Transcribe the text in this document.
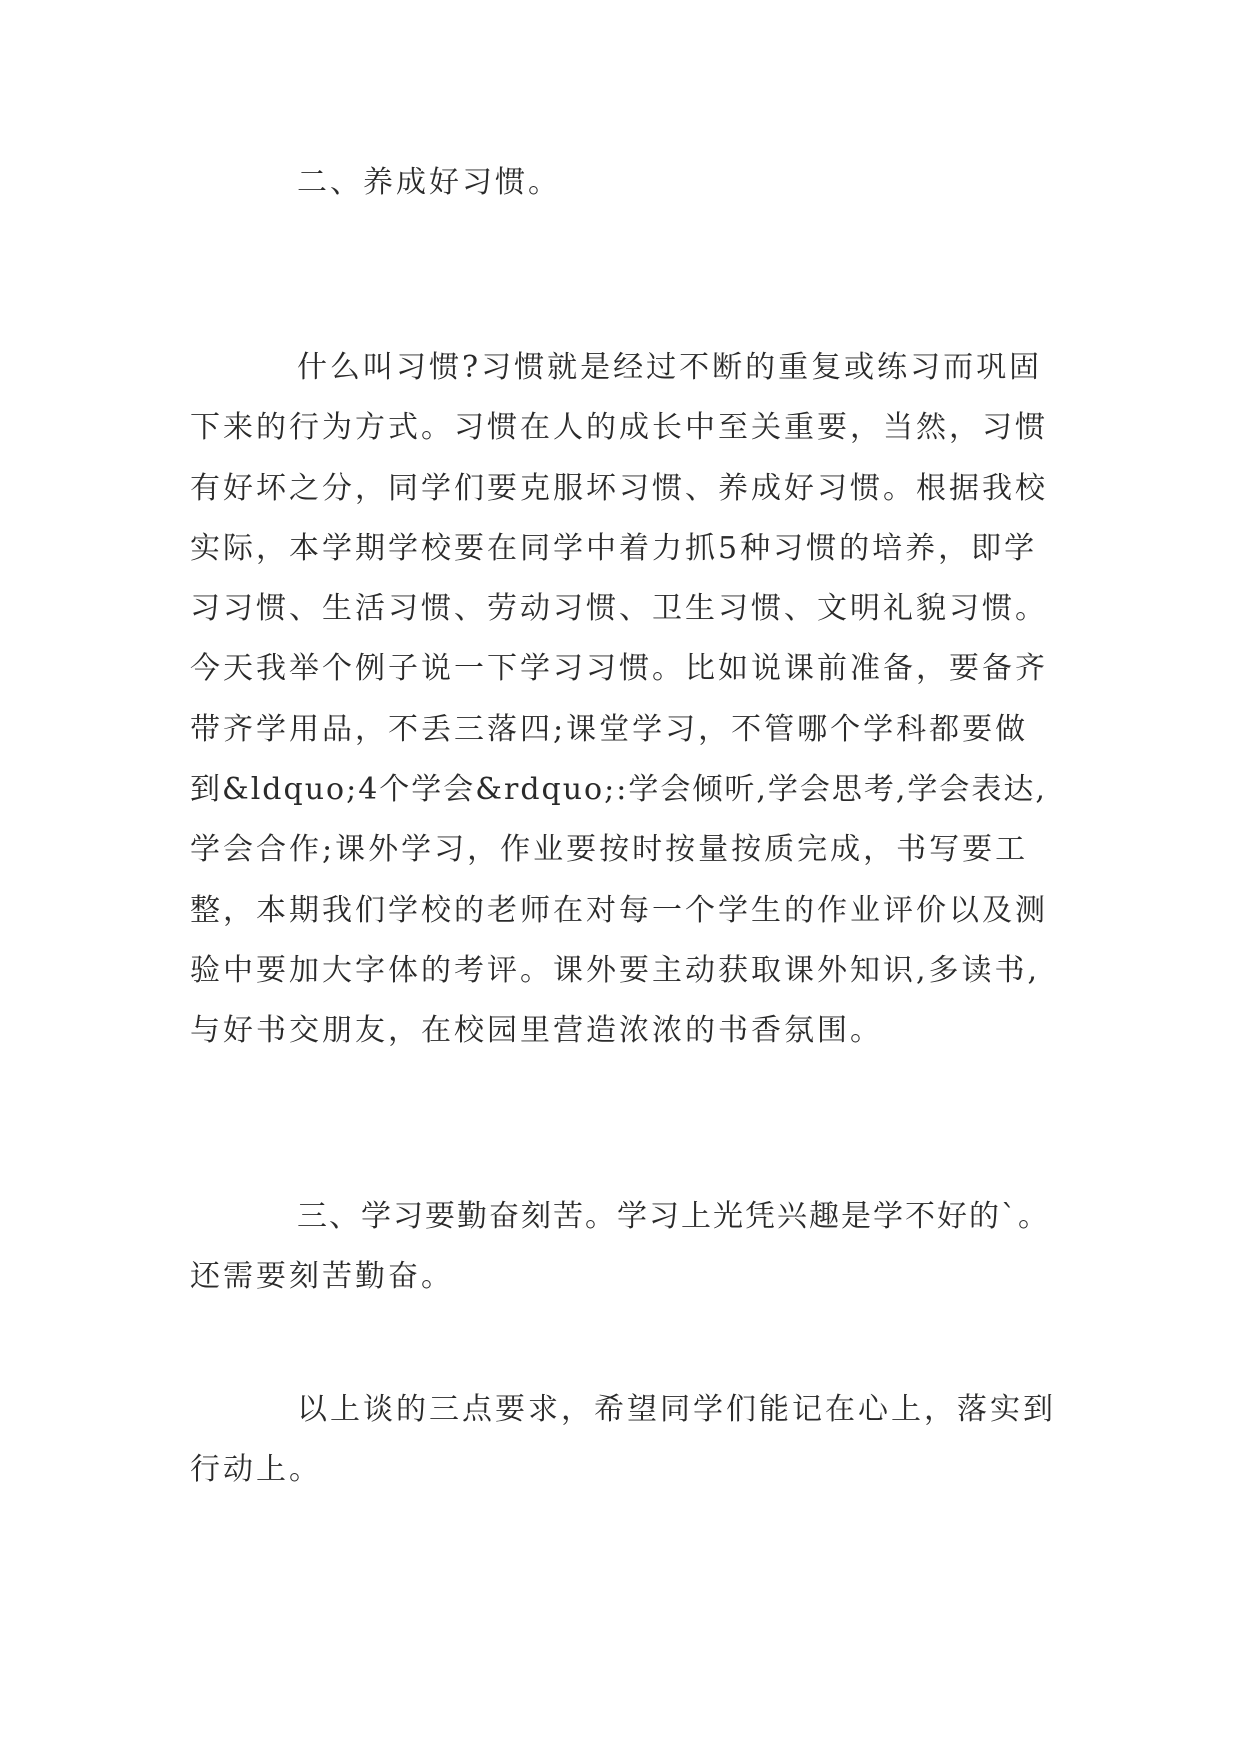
二、养成好习惯。
什么叫习惯?习惯就是经过不断的重复或练习而巩固
下来的行为方式。习惯在人的成长中至关重要，当然，习惯
有好坏之分，同学们要克服坏习惯、养成好习惯。根据我校
实际，本学期学校要在同学中着力抓5种习惯的培养，即学
习习惯、生活习惯、劳动习惯、卫生习惯、文明礼貌习惯。
今天我举个例子说一下学习习惯。比如说课前准备，要备齐
带齐学用品，不丢三落四;课堂学习，不管哪个学科都要做
到&ldquo;4个学会&rdquo;:学会倾听,学会思考,学会表达,
学会合作;课外学习，作业要按时按量按质完成，书写要工
整，本期我们学校的老师在对每一个学生的作业评价以及测
验中要加大字体的考评。课外要主动获取课外知识,多读书,
与好书交朋友，在校园里营造浓浓的书香氛围。
三、学习要勤奋刻苦。学习上光凭兴趣是学不好的`。
还需要刻苦勤奋。
以上谈的三点要求，希望同学们能记在心上，落实到
行动上。
